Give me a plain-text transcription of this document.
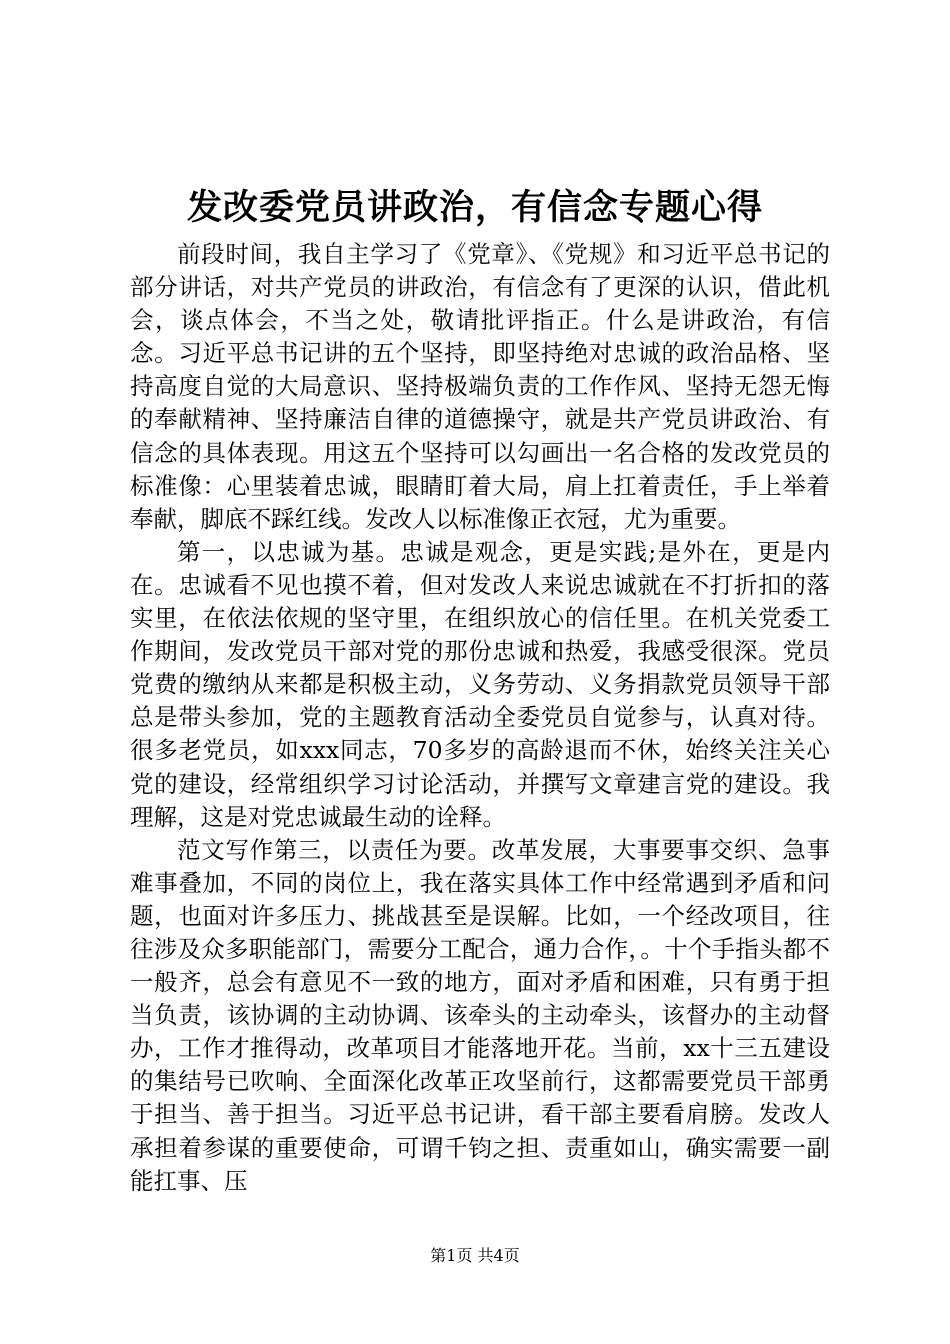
发改委党员讲政治，有信念专题心得

前段时间，我自主学习了《党章》、《党规》和习近平总书记的部分讲话，对共产党员的讲政治，有信念有了更深的认识，借此机会，谈点体会，不当之处，敬请批评指正。什么是讲政治，有信念。习近平总书记讲的五个坚持，即坚持绝对忠诚的政治品格、坚持高度自觉的大局意识、坚持极端负责的工作作风、坚持无怨无悔的奉献精神、坚持廉洁自律的道德操守，就是共产党员讲政治、有信念的具体表现。用这五个坚持可以勾画出一名合格的发改党员的标准像：心里装着忠诚，眼睛盯着大局，肩上扛着责任，手上举着奉献，脚底不踩红线。发改人以标准像正衣冠，尤为重要。

第一，以忠诚为基。忠诚是观念，更是实践;是外在，更是内在。忠诚看不见也摸不着，但对发改人来说忠诚就在不打折扣的落实里，在依法依规的坚守里，在组织放心的信任里。在机关党委工作期间，发改党员干部对党的那份忠诚和热爱，我感受很深。党员党费的缴纳从来都是积极主动，义务劳动、义务捐款党员领导干部总是带头参加，党的主题教育活动全委党员自觉参与，认真对待。很多老党员，如xxx同志，70多岁的高龄退而不休，始终关注关心党的建设，经常组织学习讨论活动，并撰写文章建言党的建设。我理解，这是对党忠诚最生动的诠释。

范文写作第三，以责任为要。改革发展，大事要事交织、急事难事叠加，不同的岗位上，我在落实具体工作中经常遇到矛盾和问题，也面对许多压力、挑战甚至是误解。比如，一个经改项目，往往涉及众多职能部门，需要分工配合，通力合作，。十个手指头都不一般齐，总会有意见不一致的地方，面对矛盾和困难，只有勇于担当负责，该协调的主动协调、该牵头的主动牵头，该督办的主动督办，工作才推得动，改革项目才能落地开花。当前，xx十三五建设的集结号已吹响、全面深化改革正攻坚前行，这都需要党员干部勇于担当、善于担当。习近平总书记讲，看干部主要看肩膀。发改人承担着参谋的重要使命，可谓千钧之担、责重如山，确实需要一副能扛事、压

第1页 共4页
